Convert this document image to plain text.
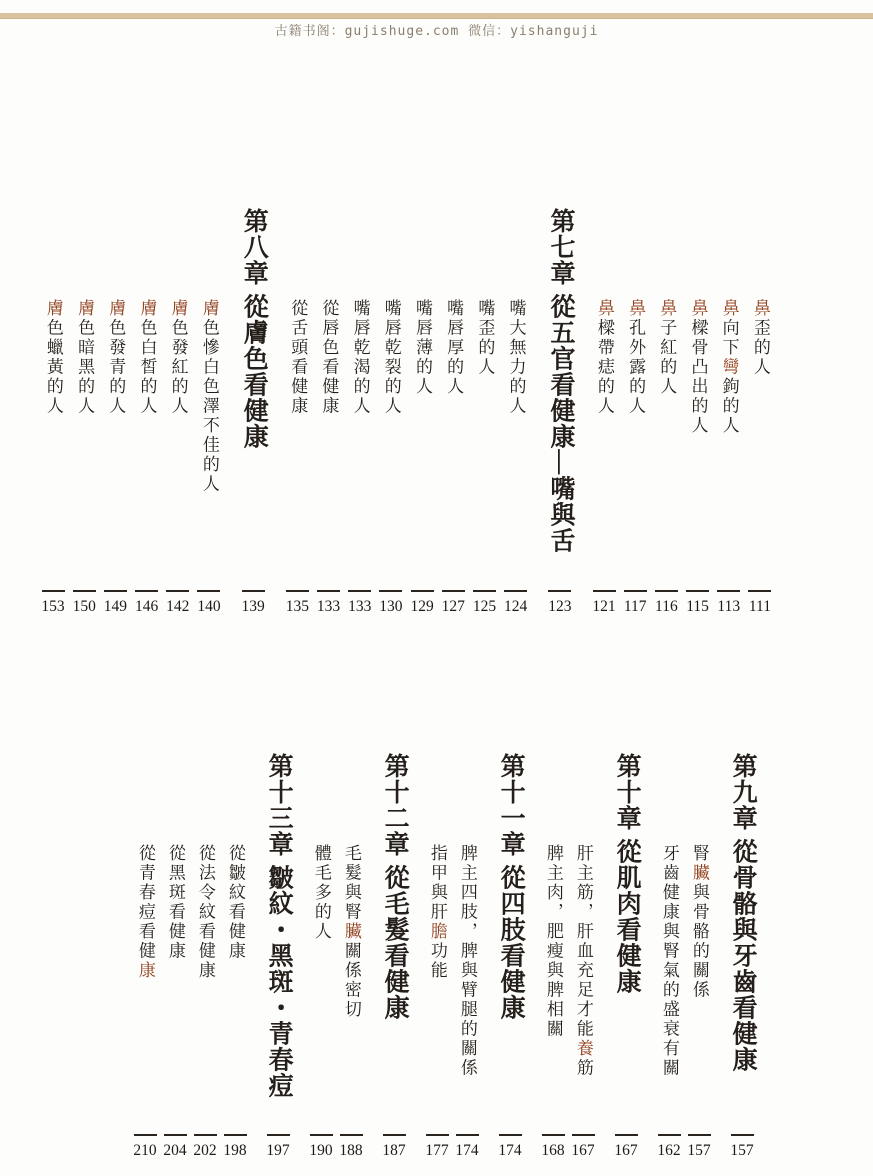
古籍书阁：gujishuge.com 微信：yishanguji
鼻歪的人
111
鼻向下彎鉤的人
113
鼻樑骨凸出的人
115
鼻子紅的人
116
鼻孔外露的人
117
鼻樑帶痣的人
121
第七章 從五官看健康—嘴與舌
123
嘴大無力的人
124
嘴歪的人
125
嘴唇厚的人
127
嘴唇薄的人
129
嘴唇乾裂的人
130
嘴唇乾渴的人
133
從唇色看健康
133
從舌頭看健康
135
第八章 從膚色看健康
139
膚色慘白色澤不佳的人
140
膚色發紅的人
142
膚色白皙的人
146
膚色發青的人
149
膚色暗黑的人
150
膚色蠟黃的人
153
第九章 從骨骼與牙齒看健康
157
腎臟與骨骼的關係
157
牙齒健康與腎氣的盛衰有關
162
第十章 從肌肉看健康
167
肝主筋，肝血充足才能養筋
167
脾主肉，肥瘦與脾相關
168
第十一章 從四肢看健康
174
脾主四肢，脾與臂腿的關係
174
指甲與肝膽功能
177
第十二章 從毛髮看健康
187
毛髮與腎臟關係密切
188
體毛多的人
190
第十三章 皺紋・黑斑・青春痘
197
從皺紋看健康
198
從法令紋看健康
202
從黑斑看健康
204
從青春痘看健康
210
